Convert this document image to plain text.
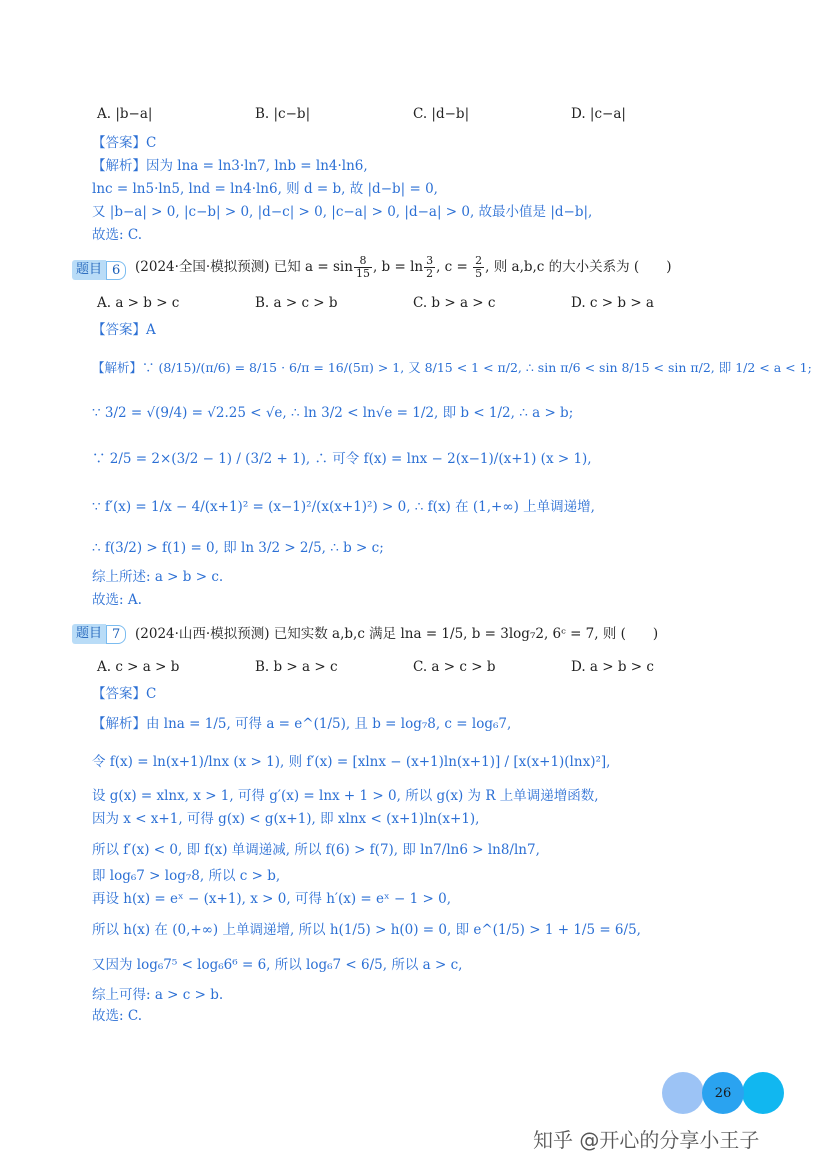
A. |b−a|	B. |c−b|	C. |d−b|	D. |c−a|
【答案】C
【解析】因为 lna = ln3·ln7, lnb = ln4·ln6,
lnc = ln5·ln5, lnd = ln4·ln6, 则 d = b, 故 |d−b| = 0,
又 |b−a| > 0, |c−b| > 0, |d−c| > 0, |c−a| > 0, |d−a| > 0, 故最小值是 |d−b|,
故选: C.
题目 6	(2024·全国·模拟预测) 已知 $a = \sin \frac{8}{15}$ , $b = \ln \frac{3}{2}$ , $c = \frac{2}{5}$ , 则 a,b,c 的大小关系为 (　　)
A. a > b > c	B. a > c > b	C. b > a > c	D. c > b > a
【答案】A
【解析】∵ (8/15)/(π/6) = 8/15 · 6/π = 16/(5π) > 1, 又 8/15 < 1 < π/2, ∴ sin π/6 < sin 8/15 < sin π/2, 即 1/2 < a < 1;
∵ 3/2 = √(9/4) = √2.25 < √e, ∴ ln 3/2 < ln√e = 1/2, 即 b < 1/2, ∴ a > b;
∵ 2/5 = 2×(3/2 − 1) / (3/2 + 1), ∴ 可令 f(x) = lnx − 2(x−1)/(x+1) (x > 1),
∵ f′(x) = 1/x − 4/(x+1)² = (x−1)²/(x(x+1)²) > 0, ∴ f(x) 在 (1,+∞) 上单调递增,
∴ f(3/2) > f(1) = 0, 即 ln 3/2 > 2/5, ∴ b > c;
综上所述: a > b > c.
故选: A.
题目 7	(2024·山西·模拟预测) 已知实数 a,b,c 满足 lna = 1/5, b = 3log₇2, 6ᶜ = 7, 则 (　　)
A. c > a > b	B. b > a > c	C. a > c > b	D. a > b > c
【答案】C
【解析】由 lna = 1/5, 可得 a = e^(1/5), 且 b = log₇8, c = log₆7,
令 f(x) = ln(x+1)/lnx (x > 1), 则 f′(x) = [xlnx − (x+1)ln(x+1)] / [x(x+1)(lnx)²],
设 g(x) = xlnx, x > 1, 可得 g′(x) = lnx + 1 > 0, 所以 g(x) 为 R 上单调递增函数,
因为 x < x+1, 可得 g(x) < g(x+1), 即 xlnx < (x+1)ln(x+1),
所以 f′(x) < 0, 即 f(x) 单调递减, 所以 f(6) > f(7), 即 ln7/ln6 > ln8/ln7,
即 log₆7 > log₇8, 所以 c > b,
再设 h(x) = eˣ − (x+1), x > 0, 可得 h′(x) = eˣ − 1 > 0,
所以 h(x) 在 (0,+∞) 上单调递增, 所以 h(1/5) > h(0) = 0, 即 e^(1/5) > 1 + 1/5 = 6/5,
又因为 log₆7⁵ < log₆6⁶ = 6, 所以 log₆7 < 6/5, 所以 a > c,
综上可得: a > c > b.
故选: C.
26
知乎 @开心的分享小王子
